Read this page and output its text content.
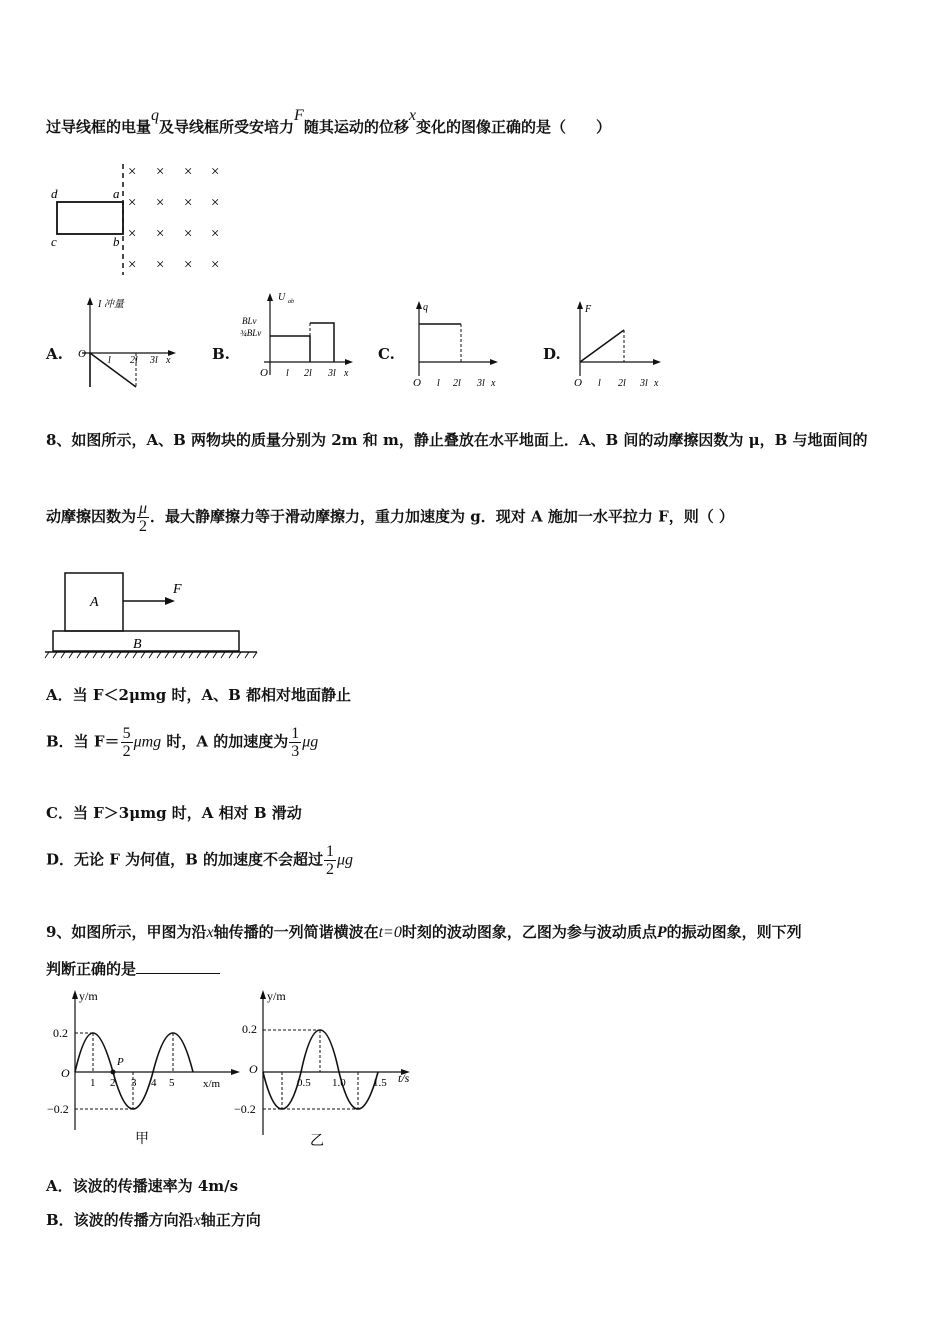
过导线框的电量q及导线框所受安培力F随其运动的位移x变化的图像正确的是（　　）
d	a
c	b
× × × ×
× × × ×
× × × ×
× × × ×
A.
I 冲量
O
l 2l 3l x	B.
U ab
BLv
¾BLv
O l 2l 3l x
C.
q
O l 2l 3l x
D.
F
O l 2l 3l x
8、如图所示，A、B 两物块的质量分别为 2m 和 m，静止叠放在水平地面上．A、B 间的动摩擦因数为 μ，B 与地面间的
动摩擦因数为 $\frac{\mu}{2}$ ．最大静摩擦力等于滑动摩擦力，重力加速度为 g．现对 A 施加一水平拉力 F，则（ ）
A
B
F
A．当 F＜2μmg 时，A、B 都相对地面静止
B．当 $F= \frac{5}{2}$ μmg 时，A 的加速度为 $\frac{1}{3}$ μg
C．当 F＞3μmg 时，A 相对 B 滑动
D．无论 F 为何值，B 的加速度不会超过 $\frac{1}{2}$ μg
9、如图所示，甲图为沿x轴传播的一列简谐横波在t=0时刻的波动图象，乙图为参与波动质点P的振动图象，则下列
判断正确的是
y/m
x/m
O
0.2
−0.2
P
1 2 3 4 5
甲
y/m
t/s
O
0.2
−0.2
0.5 1.0 1.5
乙
A．该波的传播速率为 4m/s
B．该波的传播方向沿x轴正方向
